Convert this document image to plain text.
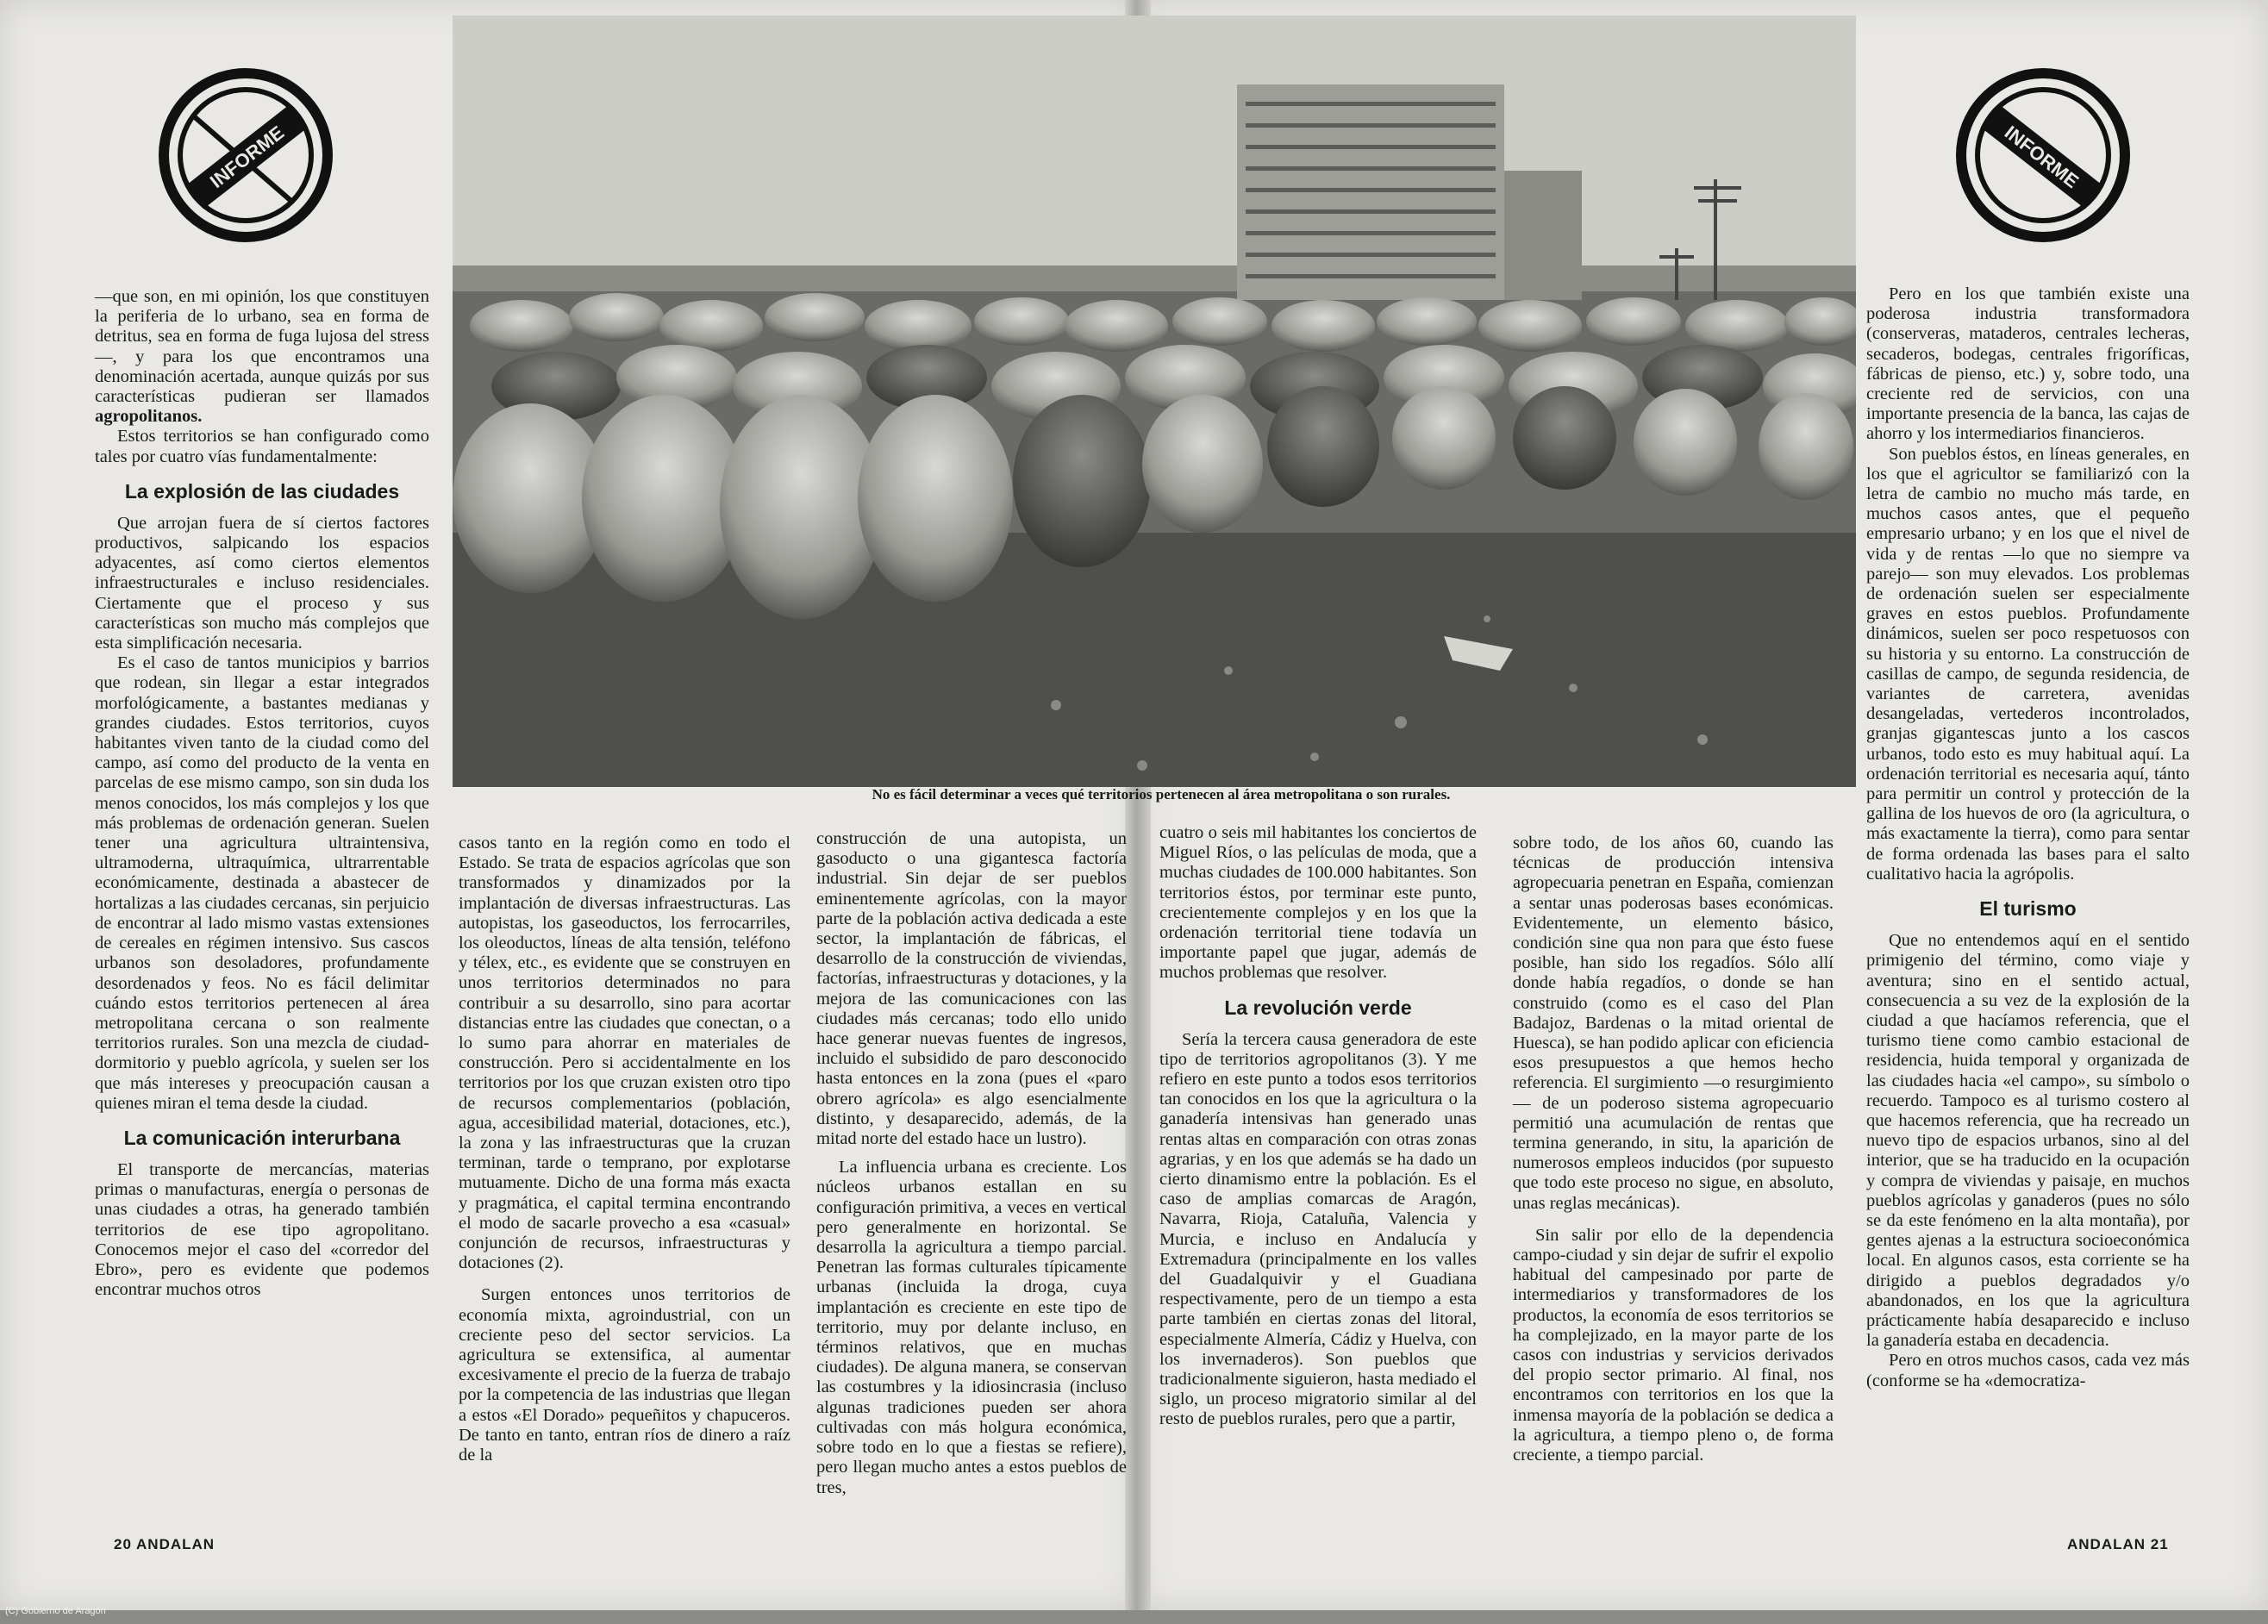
No es fácil determinar a veces qué territorios pertenecen al área metropolitana o son rurales.
INFORME	INFORME

—que son, en mi opinión, los que constituyen la periferia de lo urbano, sea en forma de detritus, sea en forma de fuga lujosa del stress—, y para los que encontramos una denominación acertada, aunque quizás por sus características pudieran ser llamados agropolitanos.

Estos territorios se han configurado como tales por cuatro vías fundamentalmente:

La explosión de las ciudades

Que arrojan fuera de sí ciertos factores productivos, salpicando los espacios adyacentes, así como ciertos elementos infraestructurales e incluso residenciales. Ciertamente que el proceso y sus características son mucho más complejos que esta simplificación necesaria.

Es el caso de tantos municipios y barrios que rodean, sin llegar a estar integrados morfológicamente, a bastantes medianas y grandes ciudades. Estos territorios, cuyos habitantes viven tanto de la ciudad como del campo, así como del producto de la venta en parcelas de ese mismo campo, son sin duda los menos conocidos, los más complejos y los que más problemas de ordenación generan. Suelen tener una agricultura ultraintensiva, ultramoderna, ultraquímica, ultrarrentable económicamente, destinada a abastecer de hortalizas a las ciudades cercanas, sin perjuicio de encontrar al lado mismo vastas extensiones de cereales en régimen intensivo. Sus cascos urbanos son desoladores, profundamente desordenados y feos. No es fácil delimitar cuándo estos territorios pertenecen al área metropolitana cercana o son realmente territorios rurales. Son una mezcla de ciudad-dormitorio y pueblo agrícola, y suelen ser los que más intereses y preocupación causan a quienes miran el tema desde la ciudad.

La comunicación interurbana

El transporte de mercancías, materias primas o manufacturas, energía o personas de unas ciudades a otras, ha generado también territorios de ese tipo agropolitano. Conocemos mejor el caso del «corredor del Ebro», pero es evidente que podemos encontrar muchos otros

casos tanto en la región como en todo el Estado. Se trata de espacios agrícolas que son transformados y dinamizados por la implantación de diversas infraestructuras. Las autopistas, los gaseoductos, los ferrocarriles, los oleoductos, líneas de alta tensión, teléfono y télex, etc., es evidente que se construyen en unos territorios determinados no para contribuir a su desarrollo, sino para acortar distancias entre las ciudades que conectan, o a lo sumo para ahorrar en materiales de construcción. Pero si accidentalmente en los territorios por los que cruzan existen otro tipo de recursos complementarios (población, agua, accesibilidad material, dotaciones, etc.), la zona y las infraestructuras que la cruzan terminan, tarde o temprano, por explotarse mutuamente. Dicho de una forma más exacta y pragmática, el capital termina encontrando el modo de sacarle provecho a esa «casual» conjunción de recursos, infraestructuras y dotaciones (2).

Surgen entonces unos territorios de economía mixta, agroindustrial, con un creciente peso del sector servicios. La agricultura se extensifica, al aumentar excesivamente el precio de la fuerza de trabajo por la competencia de las industrias que llegan a estos «El Dorado» pequeñitos y chapuceros. De tanto en tanto, entran ríos de dinero a raíz de la

construcción de una autopista, un gasoducto o una gigantesca factoría industrial. Sin dejar de ser pueblos eminentemente agrícolas, con la mayor parte de la población activa dedicada a este sector, la implantación de fábricas, el desarrollo de la construcción de viviendas, factorías, infraestructuras y dotaciones, y la mejora de las comunicaciones con las ciudades más cercanas; todo ello unido hace generar nuevas fuentes de ingresos, incluido el subsidido de paro desconocido hasta entonces en la zona (pues el «paro obrero agrícola» es algo esencialmente distinto, y desaparecido, además, de la mitad norte del estado hace un lustro).

La influencia urbana es creciente. Los núcleos urbanos estallan en su configuración primitiva, a veces en vertical pero generalmente en horizontal. Se desarrolla la agricultura a tiempo parcial. Penetran las formas culturales típicamente urbanas (incluida la droga, cuya implantación es creciente en este tipo de territorio, muy por delante incluso, en términos relativos, que en muchas ciudades). De alguna manera, se conservan las costumbres y la idiosincrasia (incluso algunas tradiciones pueden ser ahora cultivadas con más holgura económica, sobre todo en lo que a fiestas se refiere), pero llegan mucho antes a estos pueblos de tres,

cuatro o seis mil habitantes los conciertos de Miguel Ríos, o las películas de moda, que a muchas ciudades de 100.000 habitantes. Son territorios éstos, por terminar este punto, crecientemente complejos y en los que la ordenación territorial tiene todavía un importante papel que jugar, además de muchos problemas que resolver.

La revolución verde

Sería la tercera causa generadora de este tipo de territorios agropolitanos (3). Y me refiero en este punto a todos esos territorios tan conocidos en los que la agricultura o la ganadería intensivas han generado unas rentas altas en comparación con otras zonas agrarias, y en los que además se ha dado un cierto dinamismo entre la población. Es el caso de amplias comarcas de Aragón, Navarra, Rioja, Cataluña, Valencia y Murcia, e incluso en Andalucía y Extremadura (principalmente en los valles del Guadalquivir y el Guadiana respectivamente, pero de un tiempo a esta parte también en ciertas zonas del litoral, especialmente Almería, Cádiz y Huelva, con los invernaderos). Son pueblos que tradicionalmente siguieron, hasta mediado el siglo, un proceso migratorio similar al del resto de pueblos rurales, pero que a partir,

sobre todo, de los años 60, cuando las técnicas de producción intensiva agropecuaria penetran en España, comienzan a sentar unas poderosas bases económicas. Evidentemente, un elemento básico, condición sine qua non para que ésto fuese posible, han sido los regadíos. Sólo allí donde había regadíos, o donde se han construido (como es el caso del Plan Badajoz, Bardenas o la mitad oriental de Huesca), se han podido aplicar con eficiencia esos presupuestos a que hemos hecho referencia. El surgimiento —o resurgimiento— de un poderoso sistema agropecuario permitió una acumulación de rentas que termina generando, in situ, la aparición de numerosos empleos inducidos (por supuesto que todo este proceso no sigue, en absoluto, unas reglas mecánicas).

Sin salir por ello de la dependencia campo-ciudad y sin dejar de sufrir el expolio habitual del campesinado por parte de intermediarios y transformadores de los productos, la economía de esos territorios se ha complejizado, en la mayor parte de los casos con industrias y servicios derivados del propio sector primario. Al final, nos encontramos con territorios en los que la inmensa mayoría de la población se dedica a la agricultura, a tiempo pleno o, de forma creciente, a tiempo parcial.

Pero en los que también existe una poderosa industria transformadora (conserveras, mataderos, centrales lecheras, secaderos, bodegas, centrales frigoríficas, fábricas de pienso, etc.) y, sobre todo, una creciente red de servicios, con una importante presencia de la banca, las cajas de ahorro y los intermediarios financieros.

Son pueblos éstos, en líneas generales, en los que el agricultor se familiarizó con la letra de cambio no mucho más tarde, en muchos casos antes, que el pequeño empresario urbano; y en los que el nivel de vida y de rentas —lo que no siempre va parejo— son muy elevados. Los problemas de ordenación suelen ser especialmente graves en estos pueblos. Profundamente dinámicos, suelen ser poco respetuosos con su historia y su entorno. La construcción de casillas de campo, de segunda residencia, de variantes de carretera, avenidas desangeladas, vertederos incontrolados, granjas gigantescas junto a los cascos urbanos, todo esto es muy habitual aquí. La ordenación territorial es necesaria aquí, tánto para permitir un control y protección de la gallina de los huevos de oro (la agricultura, o más exactamente la tierra), como para sentar de forma ordenada las bases para el salto cualitativo hacia la agrópolis.

El turismo

Que no entendemos aquí en el sentido primigenio del término, como viaje y aventura; sino en el sentido actual, consecuencia a su vez de la explosión de la ciudad a que hacíamos referencia, que el turismo tiene como cambio estacional de residencia, huida temporal y organizada de las ciudades hacia «el campo», su símbolo o recuerdo. Tampoco es al turismo costero al que hacemos referencia, que ha recreado un nuevo tipo de espacios urbanos, sino al del interior, que se ha traducido en la ocupación y compra de viviendas y paisaje, en muchos pueblos agrícolas y ganaderos (pues no sólo se da este fenómeno en la alta montaña), por gentes ajenas a la estructura socioeconómica local. En algunos casos, esta corriente se ha dirigido a pueblos degradados y/o abandonados, en los que la agricultura prácticamente había desaparecido e incluso la ganadería estaba en decadencia.

Pero en otros muchos casos, cada vez más (conforme se ha «democratiza-

20 ANDALAN	ANDALAN 21
(C) Gobierno de Aragón
